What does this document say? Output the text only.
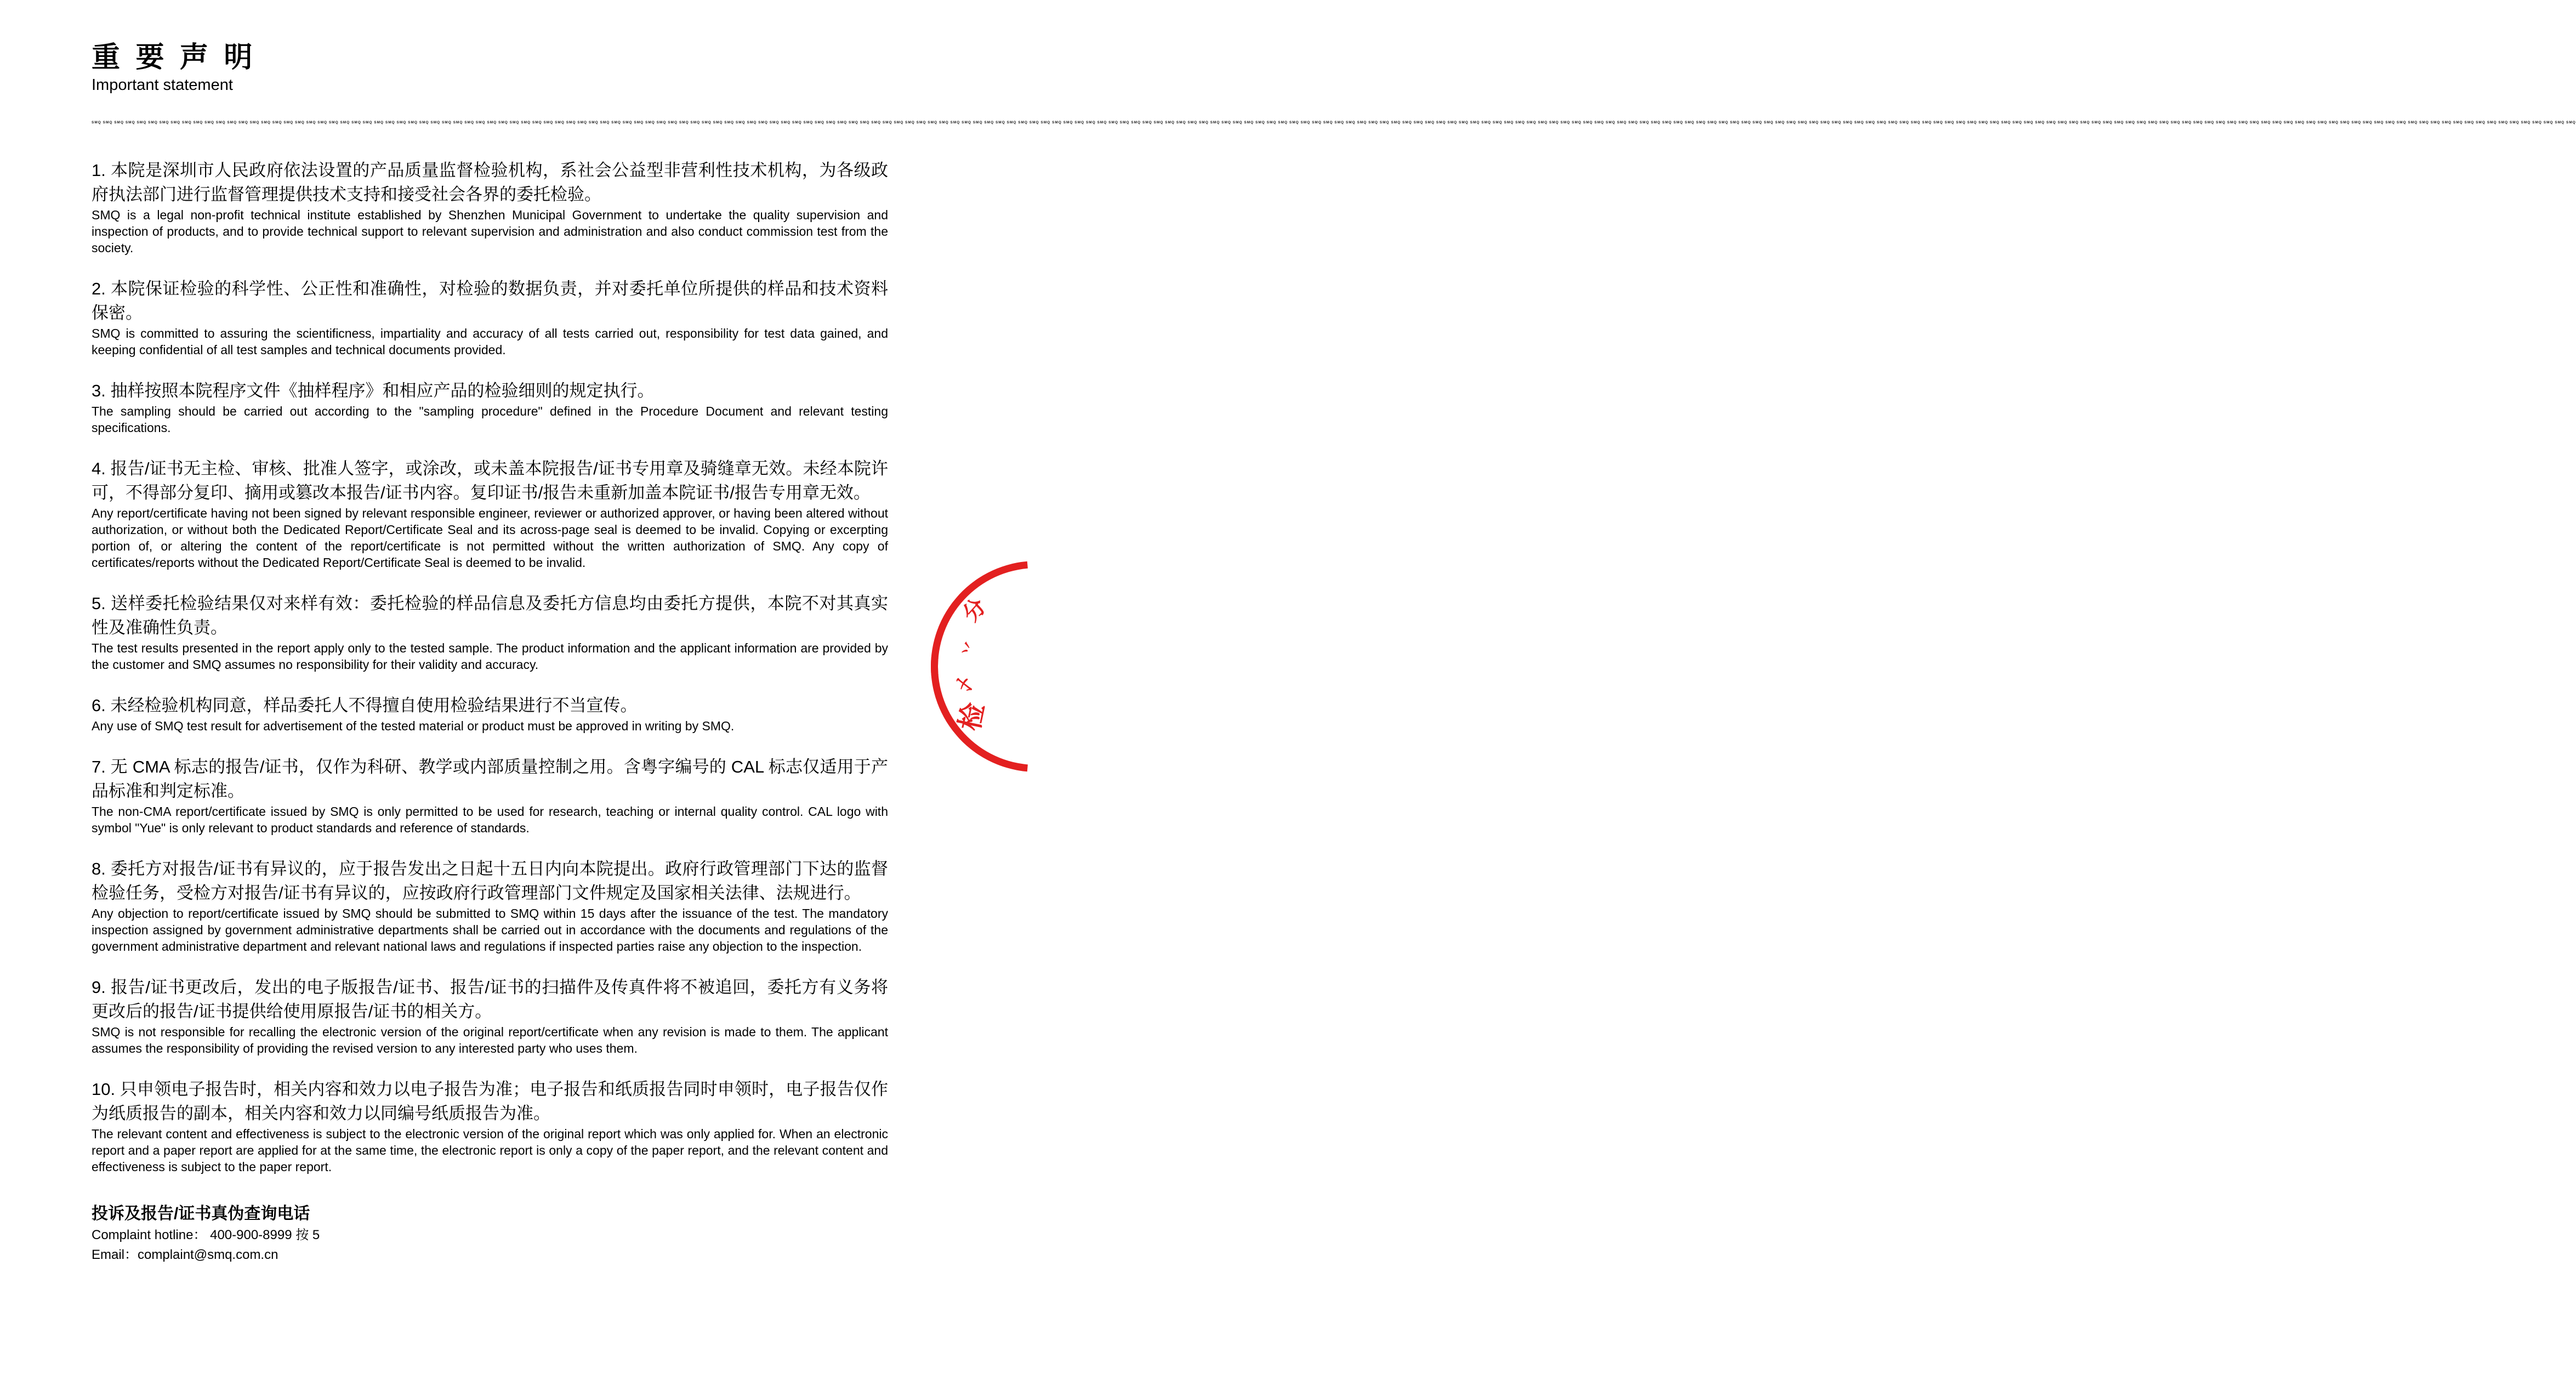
重 要 声 明
Important statement
SMQ SMQ SMQ SMQ SMQ SMQ SMQ SMQ SMQ SMQ SMQ SMQ SMQ SMQ SMQ SMQ SMQ SMQ SMQ SMQ SMQ SMQ SMQ SMQ SMQ SMQ SMQ SMQ SMQ SMQ SMQ SMQ SMQ SMQ SMQ SMQ SMQ SMQ SMQ SMQ SMQ SMQ SMQ SMQ SMQ SMQ SMQ SMQ SMQ SMQ SMQ SMQ SMQ SMQ SMQ SMQ SMQ SMQ SMQ SMQ SMQ SMQ SMQ SMQ SMQ SMQ SMQ SMQ SMQ SMQ SMQ SMQ SMQ SMQ SMQ SMQ SMQ SMQ SMQ SMQ SMQ SMQ SMQ SMQ SMQ SMQ SMQ SMQ SMQ SMQ SMQ SMQ SMQ SMQ SMQ SMQ SMQ SMQ SMQ SMQ SMQ SMQ SMQ SMQ SMQ SMQ SMQ SMQ SMQ SMQ SMQ SMQ SMQ SMQ SMQ SMQ SMQ SMQ SMQ SMQ SMQ SMQ SMQ SMQ SMQ SMQ SMQ SMQ SMQ SMQ SMQ SMQ SMQ SMQ SMQ SMQ SMQ SMQ SMQ SMQ SMQ SMQ SMQ SMQ SMQ SMQ SMQ SMQ SMQ SMQ SMQ SMQ SMQ SMQ SMQ SMQ SMQ SMQ SMQ SMQ SMQ SMQ SMQ SMQ SMQ SMQ SMQ SMQ SMQ SMQ SMQ SMQ SMQ SMQ SMQ SMQ SMQ SMQ SMQ SMQ SMQ SMQ SMQ SMQ SMQ SMQ SMQ SMQ SMQ SMQ SMQ SMQ SMQ SMQ SMQ SMQ SMQ SMQ SMQ SMQ SMQ SMQ SMQ SMQ SMQ SMQ SMQ SMQ SMQ SMQ SMQ SMQ SMQ SMQ SMQ SMQ SMQ SMQ SMQ SMQ

1. 本院是深圳市人民政府依法设置的产品质量监督检验机构，系社会公益型非营利性技术机构，为各级政府执法部门进行监督管理提供技术支持和接受社会各界的委托检验。

SMQ is a legal non-profit technical institute established by Shenzhen Municipal Government to undertake the quality supervision and inspection of products, and to provide technical support to relevant supervision and administration and also conduct commission test from the society.

2. 本院保证检验的科学性、公正性和准确性，对检验的数据负责，并对委托单位所提供的样品和技术资料保密。

SMQ is committed to assuring the scientificness, impartiality and accuracy of all tests carried out, responsibility for test data gained, and keeping confidential of all test samples and technical documents provided.

3. 抽样按照本院程序文件《抽样程序》和相应产品的检验细则的规定执行。

The sampling should be carried out according to the "sampling procedure" defined in the Procedure Document and relevant testing specifications.

4. 报告/证书无主检、审核、批准人签字，或涂改，或未盖本院报告/证书专用章及骑缝章无效。未经本院许可，不得部分复印、摘用或篡改本报告/证书内容。复印证书/报告未重新加盖本院证书/报告专用章无效。

Any report/certificate having not been signed by relevant responsible engineer, reviewer or authorized approver, or having been altered without authorization, or without both the Dedicated Report/Certificate Seal and its across-page seal is deemed to be invalid. Copying or excerpting portion of, or altering the content of the report/certificate is not permitted without the written authorization of SMQ. Any copy of certificates/reports without the Dedicated Report/Certificate Seal is deemed to be invalid.

5. 送样委托检验结果仅对来样有效：委托检验的样品信息及委托方信息均由委托方提供，本院不对其真实性及准确性负责。

The test results presented in the report apply only to the tested sample. The product information and the applicant information are provided by the customer and SMQ assumes no responsibility for their validity and accuracy.

6. 未经检验机构同意，样品委托人不得擅自使用检验结果进行不当宣传。

Any use of SMQ test result for advertisement of the tested material or product must be approved in writing by SMQ.

7. 无 CMA 标志的报告/证书，仅作为科研、教学或内部质量控制之用。含粤字编号的 CAL 标志仅适用于产品标准和判定标准。

The non-CMA report/certificate issued by SMQ is only permitted to be used for research, teaching or internal quality control. CAL logo with symbol "Yue" is only relevant to product standards and reference of standards.

8. 委托方对报告/证书有异议的，应于报告发出之日起十五日内向本院提出。政府行政管理部门下达的监督检验任务，受检方对报告/证书有异议的，应按政府行政管理部门文件规定及国家相关法律、法规进行。

Any objection to report/certificate issued by SMQ should be submitted to SMQ within 15 days after the issuance of the test. The mandatory inspection assigned by government administrative departments shall be carried out in accordance with the documents and regulations of the government administrative department and relevant national laws and regulations if inspected parties raise any objection to the inspection.

9. 报告/证书更改后，发出的电子版报告/证书、报告/证书的扫描件及传真件将不被追回，委托方有义务将更改后的报告/证书提供给使用原报告/证书的相关方。

SMQ is not responsible for recalling the electronic version of the original report/certificate when any revision is made to them. The applicant assumes the responsibility of providing the revised version to any interested party who uses them.

10. 只申领电子报告时，相关内容和效力以电子报告为准；电子报告和纸质报告同时申领时，电子报告仅作为纸质报告的副本，相关内容和效力以同编号纸质报告为准。

The relevant content and effectiveness is subject to the electronic version of the original report which was only applied for. When an electronic report and a paper report are applied for at the same time, the electronic report is only a copy of the paper report, and the relevant content and effectiveness is subject to the paper report.

投诉及报告/证书真伪查询电话

Complaint hotline： 400-900-8999 按 5

Email：complaint@smq.com.cn

分
丷
乄
检
